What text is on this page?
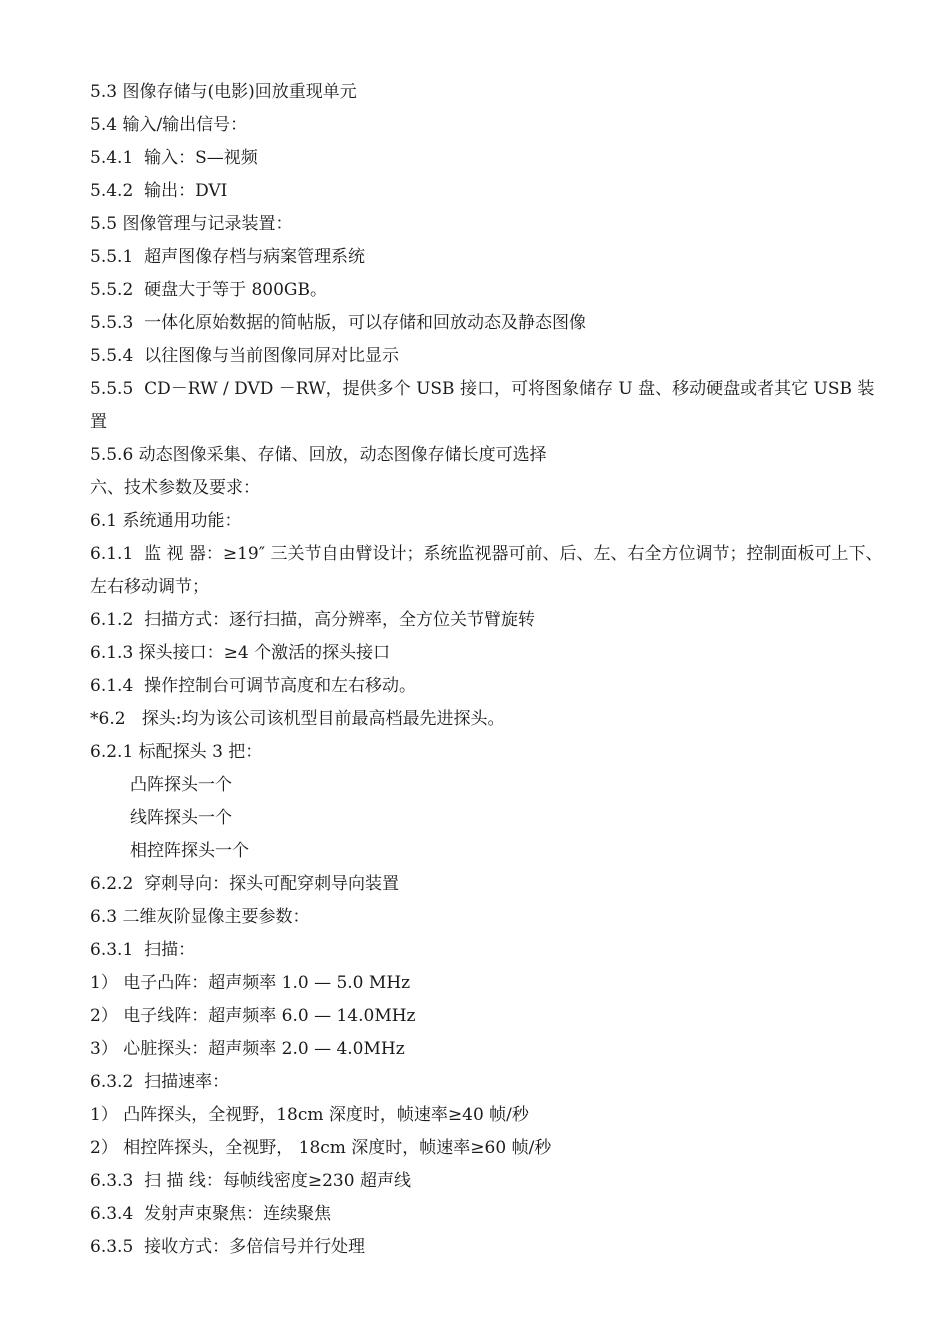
5.3 图像存储与(电影)回放重现单元

5.4 输入/输出信号：

5.4.1  输入：S—视频

5.4.2  输出：DVI

5.5 图像管理与记录装置：

5.5.1  超声图像存档与病案管理系统

5.5.2  硬盘大于等于 800GB。

5.5.3  一体化原始数据的简帖版，可以存储和回放动态及静态图像

5.5.4  以往图像与当前图像同屏对比显示

5.5.5  CD－RW / DVD －RW，提供多个 USB 接口，可将图象储存 U 盘、移动硬盘或者其它 USB 装置

5.5.6 动态图像采集、存储、回放，动态图像存储长度可选择

六、技术参数及要求：

6.1 系统通用功能：

6.1.1  监 视 器：≥19″ 三关节自由臂设计；系统监视器可前、后、左、右全方位调节；控制面板可上下、左右移动调节；

6.1.2  扫描方式：逐行扫描，高分辨率，全方位关节臂旋转

6.1.3 探头接口：≥4 个激活的探头接口

6.1.4  操作控制台可调节高度和左右移动。

*6.2   探头:均为该公司该机型目前最高档最先进探头。

6.2.1 标配探头 3 把：

凸阵探头一个

线阵探头一个

相控阵探头一个

6.2.2  穿刺导向：探头可配穿刺导向装置

6.3 二维灰阶显像主要参数：

6.3.1  扫描：

1） 电子凸阵：超声频率 1.0 — 5.0 MHz

2） 电子线阵：超声频率 6.0 — 14.0MHz

3） 心脏探头：超声频率 2.0 — 4.0MHz

6.3.2  扫描速率：

1） 凸阵探头，全视野，18cm 深度时，帧速率≥40 帧/秒

2） 相控阵探头，全视野， 18cm 深度时，帧速率≥60 帧/秒

6.3.3  扫 描 线：每帧线密度≥230 超声线

6.3.4  发射声束聚焦：连续聚焦

6.3.5  接收方式：多倍信号并行处理
